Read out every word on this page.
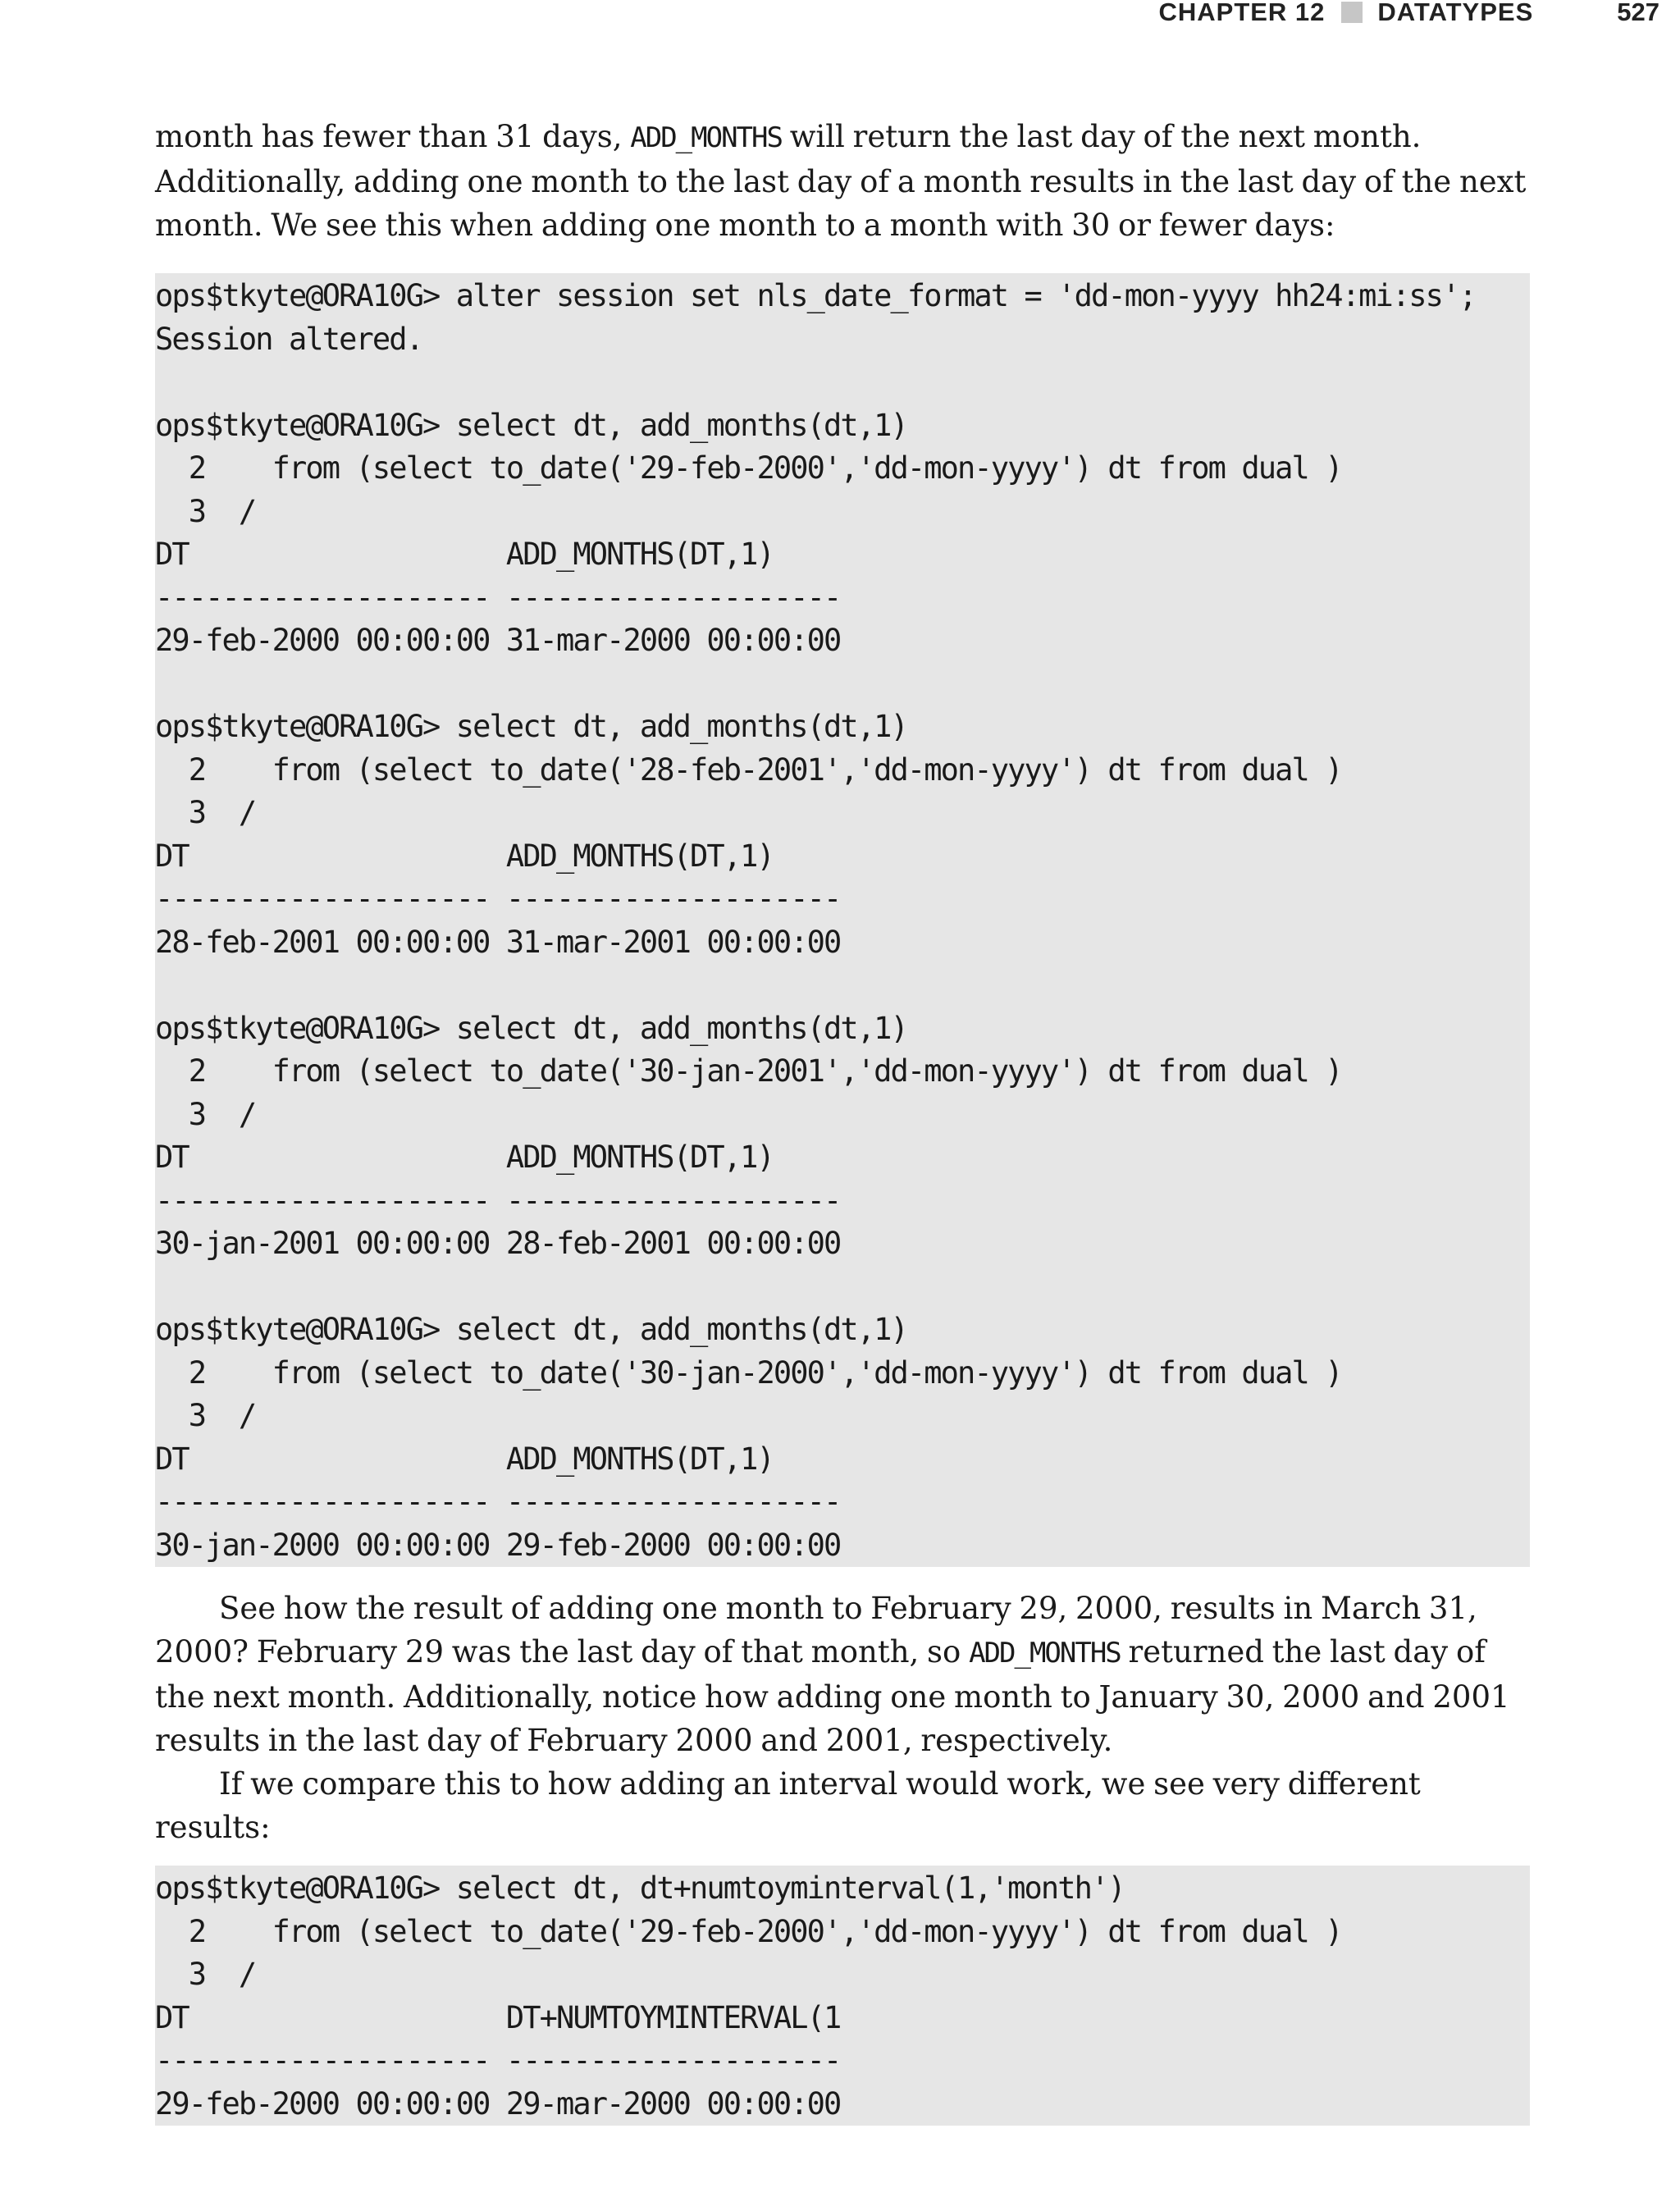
CHAPTER 12 DATATYPES	527

month has fewer than 31 days, ADD_MONTHS will return the last day of the next month. Additionally, adding one month to the last day of a month results in the last day of the next month. We see this when adding one month to a month with 30 or fewer days:

ops$tkyte@ORA10G> alter session set nls_date_format = 'dd-mon-yyyy hh24:mi:ss';
Session altered.

ops$tkyte@ORA10G> select dt, add_months(dt,1)
2    from (select to_date('29-feb-2000','dd-mon-yyyy') dt from dual )
3  /
DT                   ADD_MONTHS(DT,1)
-------------------- --------------------
29-feb-2000 00:00:00 31-mar-2000 00:00:00

ops$tkyte@ORA10G> select dt, add_months(dt,1)
2    from (select to_date('28-feb-2001','dd-mon-yyyy') dt from dual )
3  /
DT                   ADD_MONTHS(DT,1)
-------------------- --------------------
28-feb-2001 00:00:00 31-mar-2001 00:00:00

ops$tkyte@ORA10G> select dt, add_months(dt,1)
2    from (select to_date('30-jan-2001','dd-mon-yyyy') dt from dual )
3  /
DT                   ADD_MONTHS(DT,1)
-------------------- --------------------
30-jan-2001 00:00:00 28-feb-2001 00:00:00

ops$tkyte@ORA10G> select dt, add_months(dt,1)
2    from (select to_date('30-jan-2000','dd-mon-yyyy') dt from dual )
3  /
DT                   ADD_MONTHS(DT,1)
-------------------- --------------------
30-jan-2000 00:00:00 29-feb-2000 00:00:00

See how the result of adding one month to February 29, 2000, results in March 31, 2000? February 29 was the last day of that month, so ADD_MONTHS returned the last day of the next month. Additionally, notice how adding one month to January 30, 2000 and 2001 results in the last day of February 2000 and 2001, respectively.

If we compare this to how adding an interval would work, we see very different results:

ops$tkyte@ORA10G> select dt, dt+numtoyminterval(1,'month')
2    from (select to_date('29-feb-2000','dd-mon-yyyy') dt from dual )
3  /
DT                   DT+NUMTOYMINTERVAL(1
-------------------- --------------------
29-feb-2000 00:00:00 29-mar-2000 00:00:00
